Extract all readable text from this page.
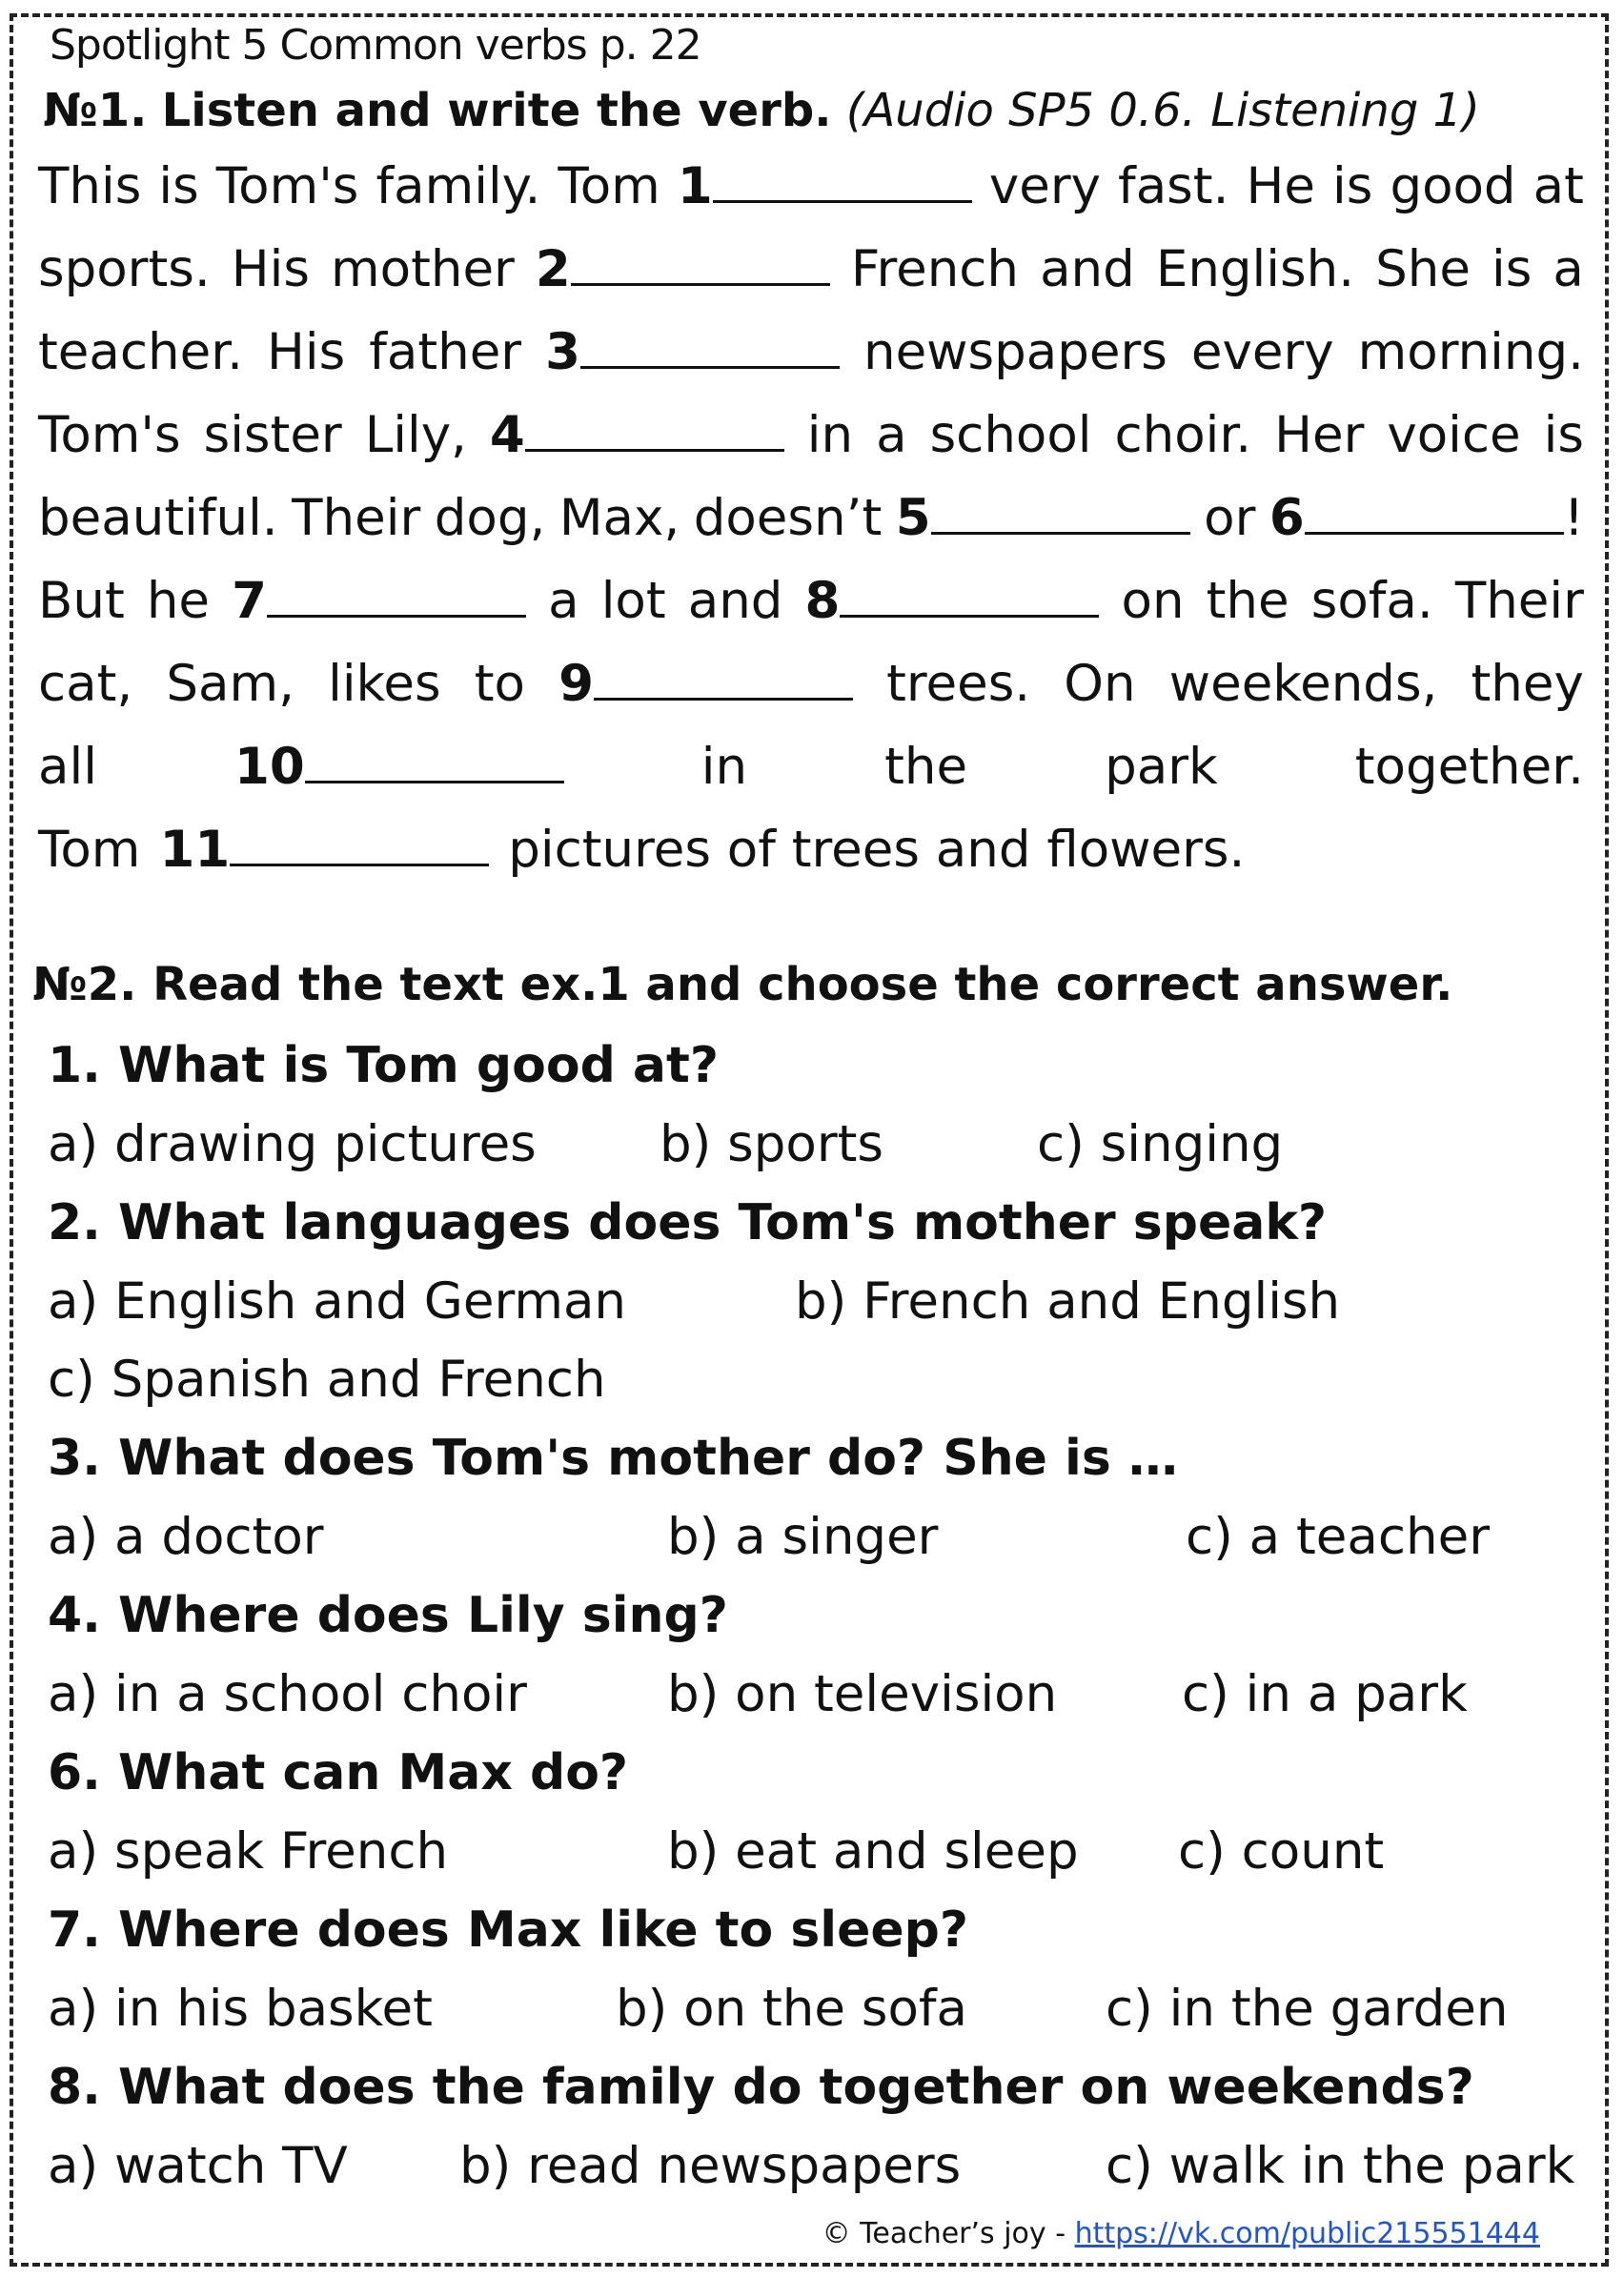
Spotlight 5 Common verbs p. 22
№1. Listen and write the verb. (Audio SP5 0.6. Listening 1)
This is Tom's family. Tom 1	very fast. He is good at
sports. His mother 2	French and English. She is a
teacher. His father 3	newspapers every morning.
Tom's sister Lily, 4	in a school choir. Her voice is
beautiful. Their dog, Max, doesn’t 5	or 6	!
But he 7	a lot and 8	on the sofa. Their
cat, Sam, likes to 9	trees. On weekends, they
all	10	in	the	park	together.
Tom 11	pictures of trees and flowers.
№2. Read the text ex.1 and choose the correct answer.
1. What is Tom good at?
a) drawing pictures b) sports	c) singing
2. What languages does Tom's mother speak?
a) English and German	b) French and English
c) Spanish and French
3. What does Tom's mother do? She is …
a) a doctor	b) a singer	c) a teacher
4. Where does Lily sing?
a) in a school choir	b) on television c) in a park
6. What can Max do?
a) speak French	b) eat and sleep c) count
7. Where does Max like to sleep?
a) in his basket	b) on the sofa	c) in the garden
8. What does the family do together on weekends?
a) watch TV b) read newspapers	c) walk in the park
© Teacher’s joy - https://vk.com/public215551444
